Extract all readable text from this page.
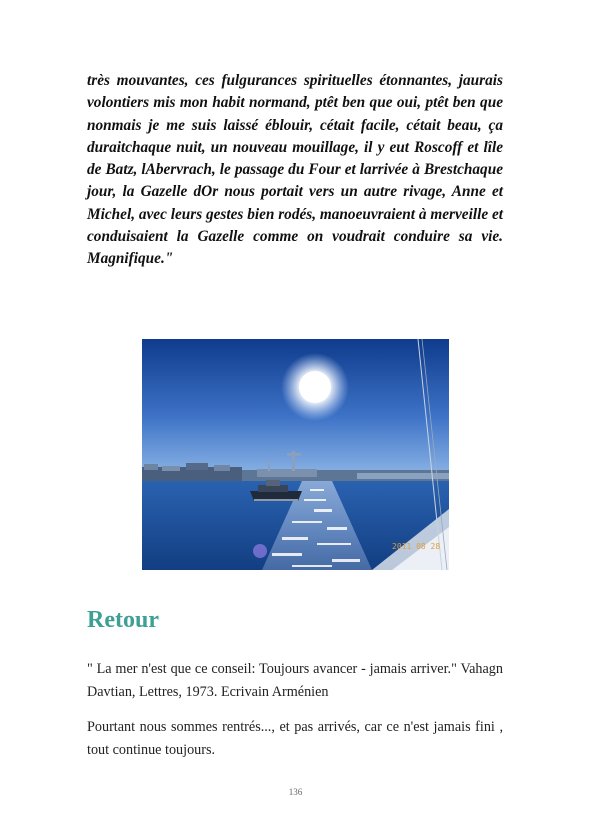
très mouvantes, ces fulgurances spirituelles étonnantes, jaurais volontiers mis mon habit normand, ptêt ben que oui, ptêt ben que nonmais je me suis laissé éblouir, cétait facile, cétait beau, ça duraitchaque nuit, un nouveau mouillage, il y eut Roscoff et lîle de Batz, lAbervrach, le passage du Four et larrivée à Brestchaque jour, la Gazelle dOr nous portait vers un autre rivage, Anne et Michel, avec leurs gestes bien rodés, manoeuvraient à merveille et conduisaient la Gazelle comme on voudrait conduire sa vie. Magnifique."

2011 08 28
Retour

" La mer n'est que ce conseil: Toujours avancer - jamais arriver." Vahagn Davtian, Lettres, 1973. Ecrivain Arménien

Pourtant nous sommes rentrés..., et pas arrivés, car ce n'est jamais fini , tout continue toujours.

136
